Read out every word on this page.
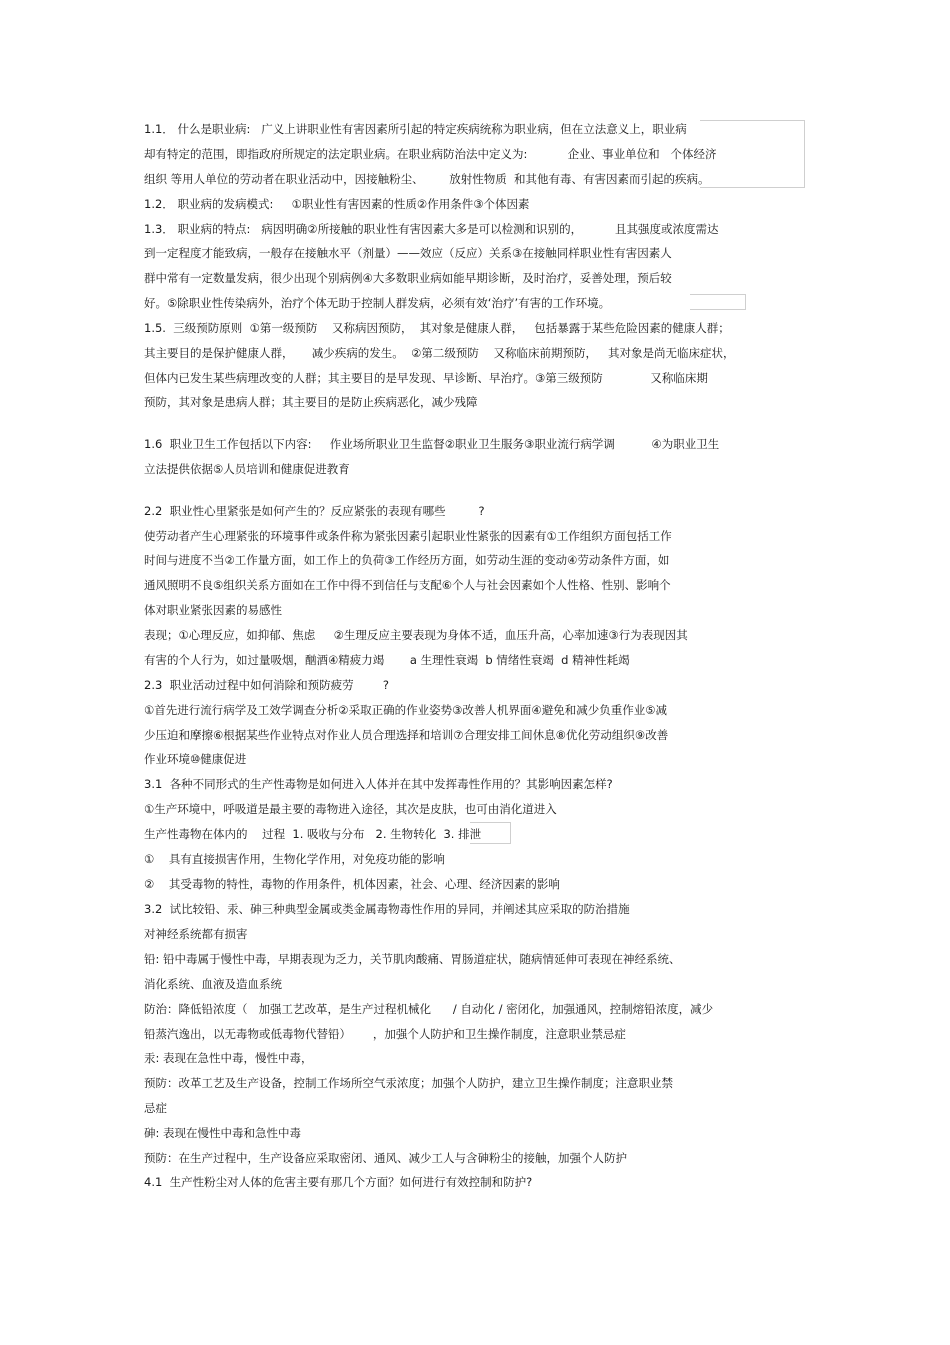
1.1． 什么是职业病:   广义上讲职业性有害因素所引起的特定疾病统称为职业病，但在立法意义上，职业病
却有特定的范围，即指政府所规定的法定职业病。在职业病防治法中定义为:           企业、事业单位和   个体经济
组织 等用人单位的劳动者在职业活动中，因接触粉尘、       放射性物质  和其他有毒、有害因素而引起的疾病。
1.2． 职业病的发病模式:     ①职业性有害因素的性质②作用条件③个体因素
1.3． 职业病的特点:   病因明确②所接触的职业性有害因素大多是可以检测和识别的，         且其强度或浓度需达
到一定程度才能致病，一般存在接触水平（剂量）——效应（反应）关系③在接触同样职业性有害因素人
群中常有一定数量发病，很少出现个别病例④大多数职业病如能早期诊断，及时治疗，妥善处理，预后较
好。⑤除职业性传染病外，治疗个体无助于控制人群发病，必须有效‘治疗’有害的工作环境。
1.5.  三级预防原则  ①第一级预防    又称病因预防，  其对象是健康人群，   包括暴露于某些危险因素的健康人群；
其主要目的是保护健康人群，     减少疾病的发生。  ②第二级预防    又称临床前期预防，   其对象是尚无临床症状，
但体内已发生某些病理改变的人群；其主要目的是早发现、早诊断、早治疗。③第三级预防             又称临床期
预防，其对象是患病人群；其主要目的是防止疾病恶化，减少残障
1.6  职业卫生工作包括以下内容:     作业场所职业卫生监督②职业卫生服务③职业流行病学调          ④为职业卫生
立法提供依据⑤人员培训和健康促进教育
2.2  职业性心里紧张是如何产生的？反应紧张的表现有哪些         ?
使劳动者产生心理紧张的环境事件或条件称为紧张因素引起职业性紧张的因素有①工作组织方面包括工作
时间与进度不当②工作量方面，如工作上的负荷③工作经历方面，如劳动生涯的变动④劳动条件方面，如
通风照明不良⑤组织关系方面如在工作中得不到信任与支配⑥个人与社会因素如个人性格、性别、影响个
体对职业紧张因素的易感性
表现；①心理反应，如抑郁、焦虑     ②生理反应主要表现为身体不适，血压升高，心率加速③行为表现因其
有害的个人行为，如过量吸烟，酗酒④精疲力竭       a 生理性衰竭  b 情绪性衰竭  d 精神性耗竭
2.3  职业活动过程中如何消除和预防疲劳        ?
①首先进行流行病学及工效学调查分析②采取正确的作业姿势③改善人机界面④避免和减少负重作业⑤减
少压迫和摩擦⑥根据某些作业特点对作业人员合理选择和培训⑦合理安排工间休息⑧优化劳动组织⑨改善
作业环境⑩健康促进
3.1  各种不同形式的生产性毒物是如何进入人体并在其中发挥毒性作用的？其影响因素怎样?
①生产环境中，呼吸道是最主要的毒物进入途径，其次是皮肤，也可由消化道进入
生产性毒物在体内的    过程  1. 吸收与分布   2. 生物转化  3. 排泄
①    具有直接损害作用，生物化学作用，对免疫功能的影响
②    其受毒物的特性，毒物的作用条件，机体因素，社会、心理、经济因素的影响
3.2  试比较铅、汞、砷三种典型金属或类金属毒物毒性作用的异同，并阐述其应采取的防治措施
对神经系统都有损害
铅: 铅中毒属于慢性中毒，早期表现为乏力，关节肌肉酸痛、胃肠道症状，随病情延伸可表现在神经系统、
消化系统、血液及造血系统
防治：降低铅浓度（   加强工艺改革，是生产过程机械化      / 自动化 / 密闭化，加强通风，控制熔铅浓度，减少
铅蒸汽逸出，以无毒物或低毒物代替铅）      ，加强个人防护和卫生操作制度，注意职业禁忌症
汞: 表现在急性中毒，慢性中毒，
预防：改革工艺及生产设备，控制工作场所空气汞浓度；加强个人防护，建立卫生操作制度；注意职业禁
忌症
砷: 表现在慢性中毒和急性中毒
预防：在生产过程中，生产设备应采取密闭、通风、减少工人与含砷粉尘的接触，加强个人防护
4.1  生产性粉尘对人体的危害主要有那几个方面？如何进行有效控制和防护?
